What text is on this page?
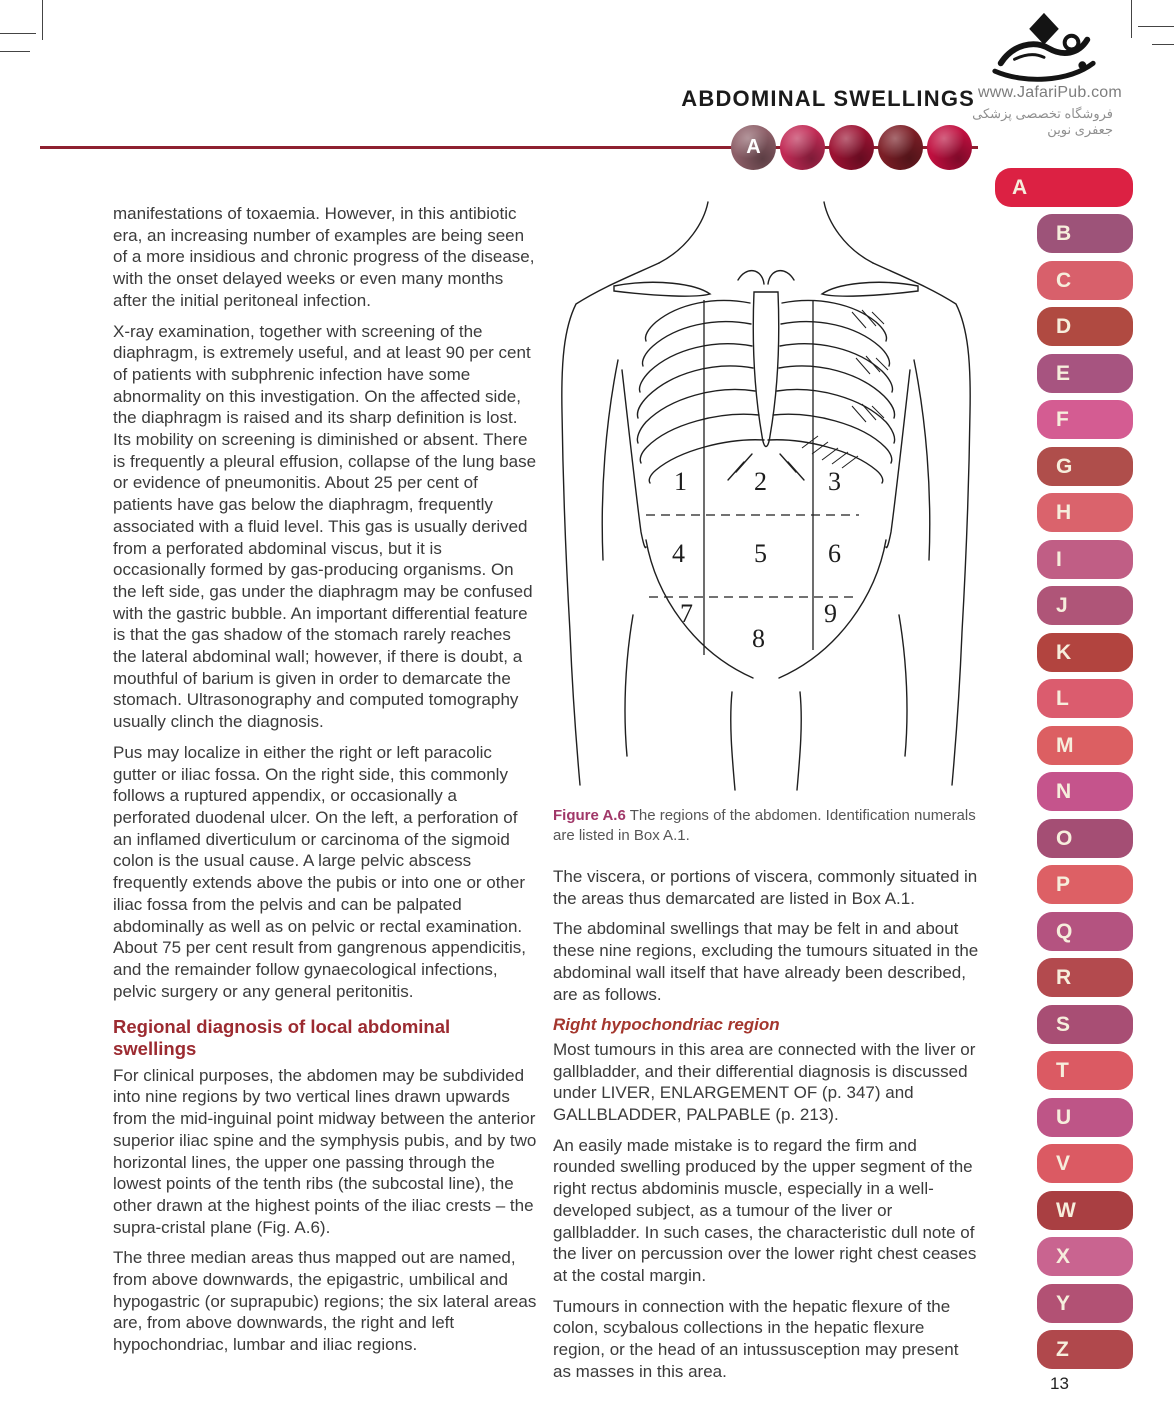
www.JafariPub.com
فروشگاه تخصصی پزشکی جعفری نوین
ABDOMINAL SWELLINGS
A
A
B
C
D
E
F
G
H
I
J
K
L
M
N
O
P
Q
R
S
T
U
V
W
X
Y
Z

manifestations of toxaemia. However, in this antibiotic era, an increasing number of examples are being seen of a more insidious and chronic progress of the disease, with the onset delayed weeks or even many months after the initial peritoneal infection.

X-ray examination, together with screening of the diaphragm, is extremely useful, and at least 90 per cent of patients with subphrenic infection have some abnormality on this investigation. On the affected side, the diaphragm is raised and its sharp definition is lost. Its mobility on screening is diminished or absent. There is frequently a pleural effusion, collapse of the lung base or evidence of pneumonitis. About 25 per cent of patients have gas below the diaphragm, frequently associated with a fluid level. This gas is usually derived from a perforated abdominal viscus, but it is occasionally formed by gas-producing organisms. On the left side, gas under the diaphragm may be confused with the gastric bubble. An important differential feature is that the gas shadow of the stomach rarely reaches the lateral abdominal wall; however, if there is doubt, a mouthful of barium is given in order to demarcate the stomach. Ultrasonography and computed tomography usually clinch the diagnosis.

Pus may localize in either the right or left paracolic gutter or iliac fossa. On the right side, this commonly follows a ruptured appendix, or occasionally a perforated duodenal ulcer. On the left, a perforation of an inflamed diverticulum or carcinoma of the sigmoid colon is the usual cause. A large pelvic abscess frequently extends above the pubis or into one or other iliac fossa from the pelvis and can be palpated abdominally as well as on pelvic or rectal examination. About 75 per cent result from gangrenous appendicitis, and the remainder follow gynaecological infections, pelvic surgery or any general peritonitis.

Regional diagnosis of local abdominal swellings

For clinical purposes, the abdomen may be subdivided into nine regions by two vertical lines drawn upwards from the mid-inguinal point midway between the anterior superior iliac spine and the symphysis pubis, and by two horizontal lines, the upper one passing through the lowest points of the tenth ribs (the subcostal line), the other drawn at the highest points of the iliac crests – the supra-cristal plane (Fig. A.6).

The three median areas thus mapped out are named, from above downwards, the epigastric, umbilical and hypogastric (or suprapubic) regions; the six lateral areas are, from above downwards, the right and left hypochondriac, lumbar and iliac regions.

1	2 3
4	5 6
7
8
9
Figure A.6 The regions of the abdomen. Identification numerals are listed in Box A.1.

The viscera, or portions of viscera, commonly situated in the areas thus demarcated are listed in Box A.1.

The abdominal swellings that may be felt in and about these nine regions, excluding the tumours situated in the abdominal wall itself that have already been described, are as follows.

Right hypochondriac region

Most tumours in this area are connected with the liver or gallbladder, and their differential diagnosis is discussed under LIVER, ENLARGEMENT OF (p. 347) and GALLBLADDER, PALPABLE (p. 213).

An easily made mistake is to regard the firm and rounded swelling produced by the upper segment of the right rectus abdominis muscle, especially in a well-developed subject, as a tumour of the liver or gallbladder. In such cases, the characteristic dull note of the liver on percussion over the lower right chest ceases at the costal margin.

Tumours in connection with the hepatic flexure of the colon, scybalous collections in the hepatic flexure region, or the head of an intussusception may present as masses in this area.

13
